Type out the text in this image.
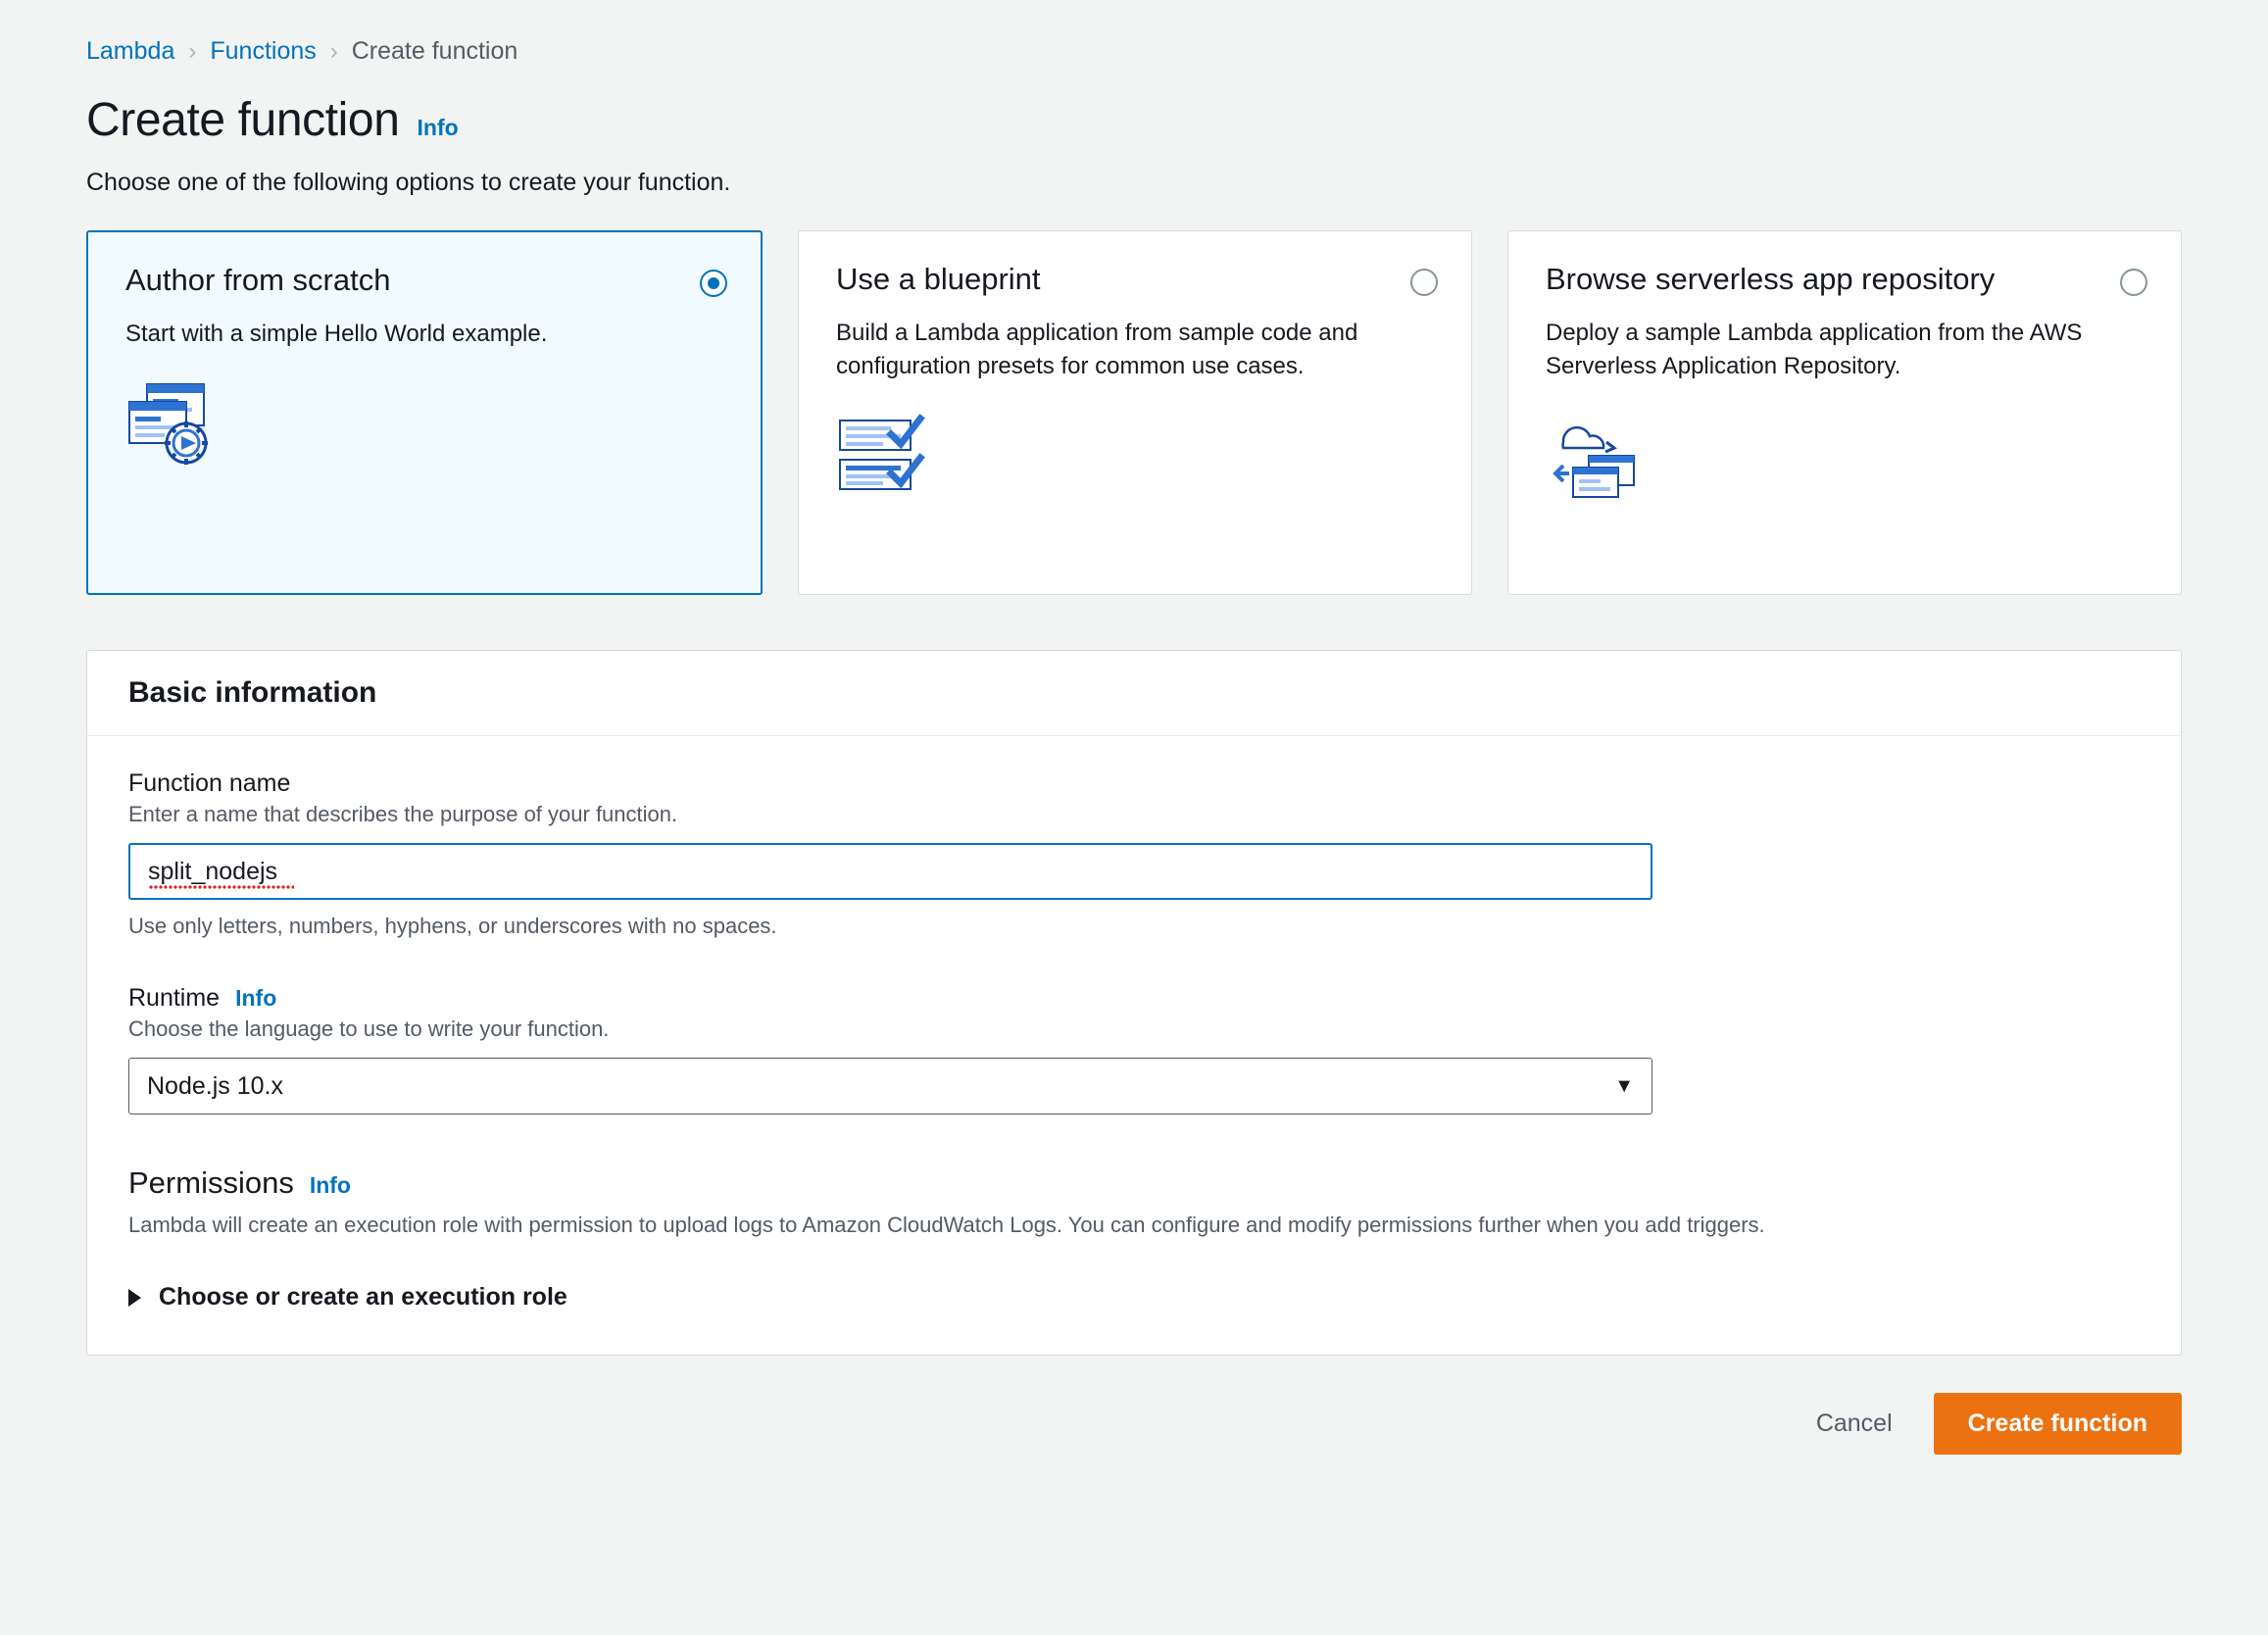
Lambda › Functions › Create function
Create function Info

Choose one of the following options to create your function.

Author from scratch
Start with a simple Hello World example.
Use a blueprint
Build a Lambda application from sample code and configuration presets for common use cases.
Browse serverless app repository
Deploy a sample Lambda application from the AWS Serverless Application Repository.
Basic information
Function name
Enter a name that describes the purpose of your function.
split_nodejs
Use only letters, numbers, hyphens, or underscores with no spaces.
Runtime Info
Choose the language to use to write your function.
Node.js 10.x	▼
Permissions Info
Lambda will create an execution role with permission to upload logs to Amazon CloudWatch Logs. You can configure and modify permissions further when you add triggers.
Choose or create an execution role
Cancel	Create function
